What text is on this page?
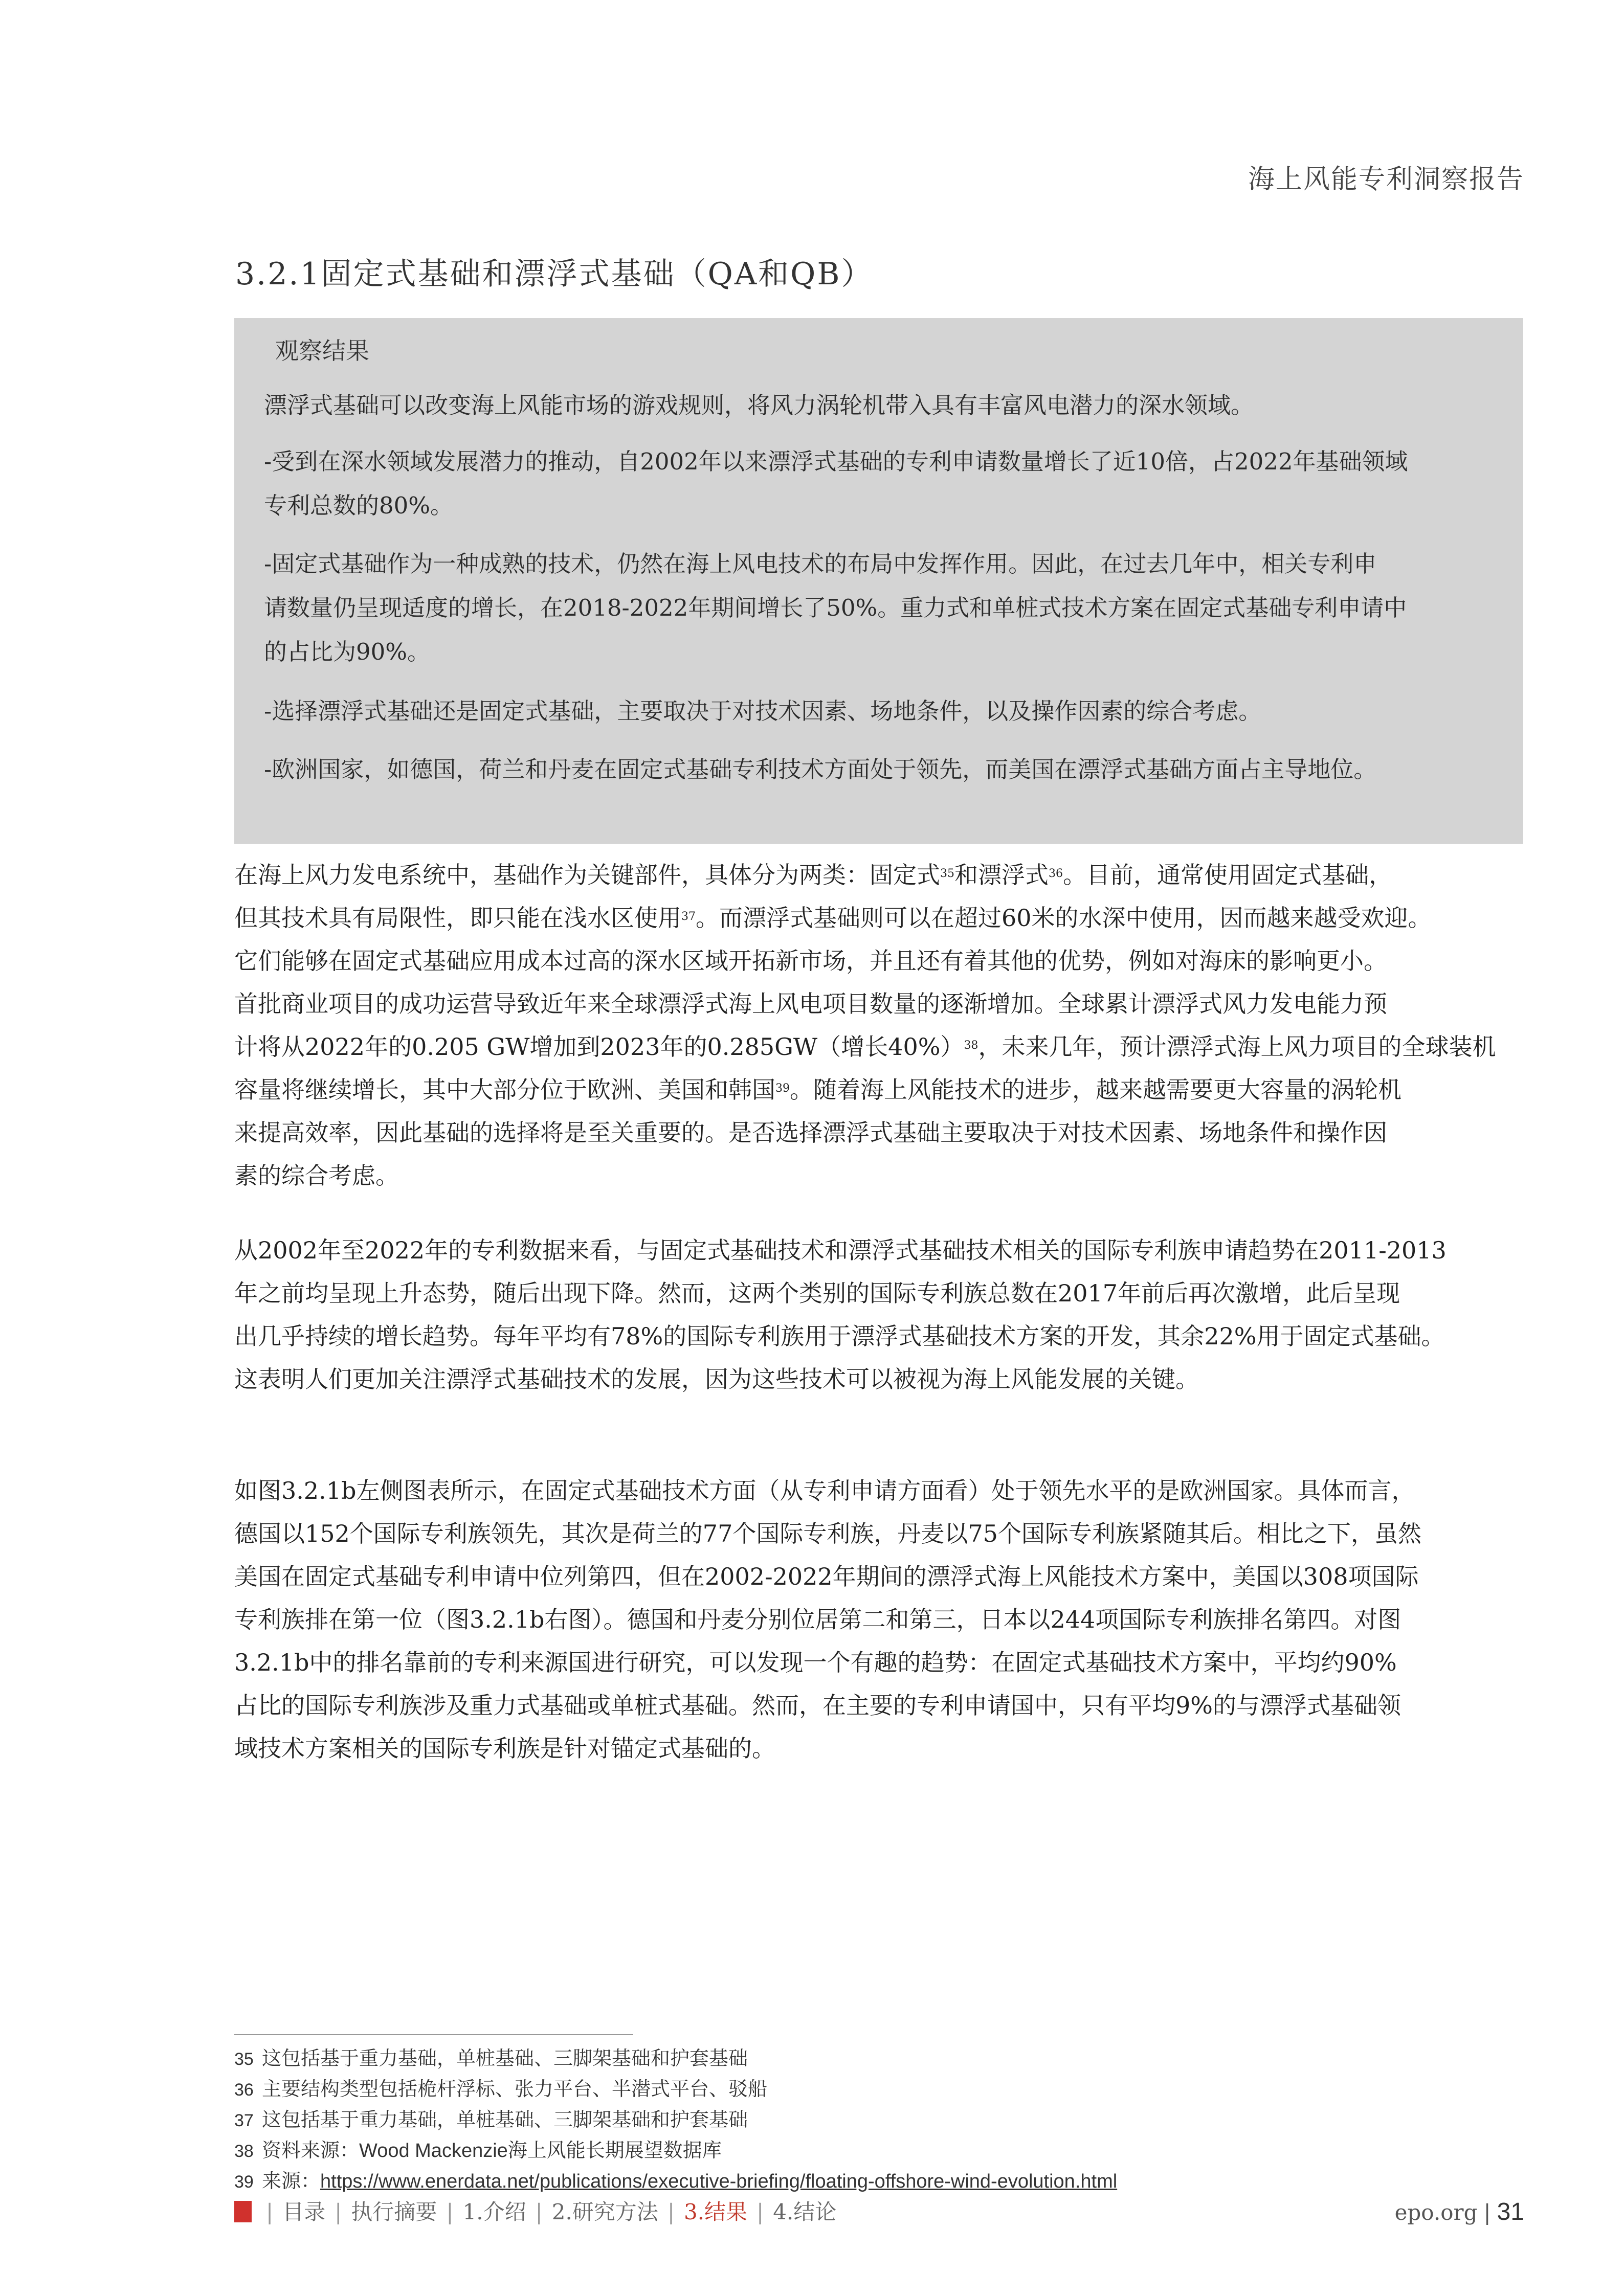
海上风能专利洞察报告
3.2.1固定式基础和漂浮式基础（QA和QB）
观察结果

漂浮式基础可以改变海上风能市场的游戏规则，将风力涡轮机带入具有丰富风电潜力的深水领域。

-受到在深水领域发展潜力的推动，自2002年以来漂浮式基础的专利申请数量增长了近10倍，占2022年基础领域

专利总数的80%。

-固定式基础作为一种成熟的技术，仍然在海上风电技术的布局中发挥作用。因此，在过去几年中，相关专利申

请数量仍呈现适度的增长，在2018-2022年期间增长了50%。重力式和单桩式技术方案在固定式基础专利申请中

的占比为90%。

-选择漂浮式基础还是固定式基础，主要取决于对技术因素、场地条件，以及操作因素的综合考虑。

-欧洲国家，如德国，荷兰和丹麦在固定式基础专利技术方面处于领先，而美国在漂浮式基础方面占主导地位。

在海上风力发电系统中，基础作为关键部件，具体分为两类：固定式$^{35}$和漂浮式$^{36}$。目前，通常使用固定式基础，
但其技术具有局限性，即只能在浅水区使用$^{37}$。而漂浮式基础则可以在超过60米的水深中使用，因而越来越受欢迎。
它们能够在固定式基础应用成本过高的深水区域开拓新市场，并且还有着其他的优势，例如对海床的影响更小。
首批商业项目的成功运营导致近年来全球漂浮式海上风电项目数量的逐渐增加。全球累计漂浮式风力发电能力预
计将从2022年的0.205 GW增加到2023年的0.285GW（增长40%）$^{38}$，未来几年，预计漂浮式海上风力项目的全球装机
容量将继续增长，其中大部分位于欧洲、美国和韩国$^{39}$。随着海上风能技术的进步，越来越需要更大容量的涡轮机
来提高效率，因此基础的选择将是至关重要的。是否选择漂浮式基础主要取决于对技术因素、场地条件和操作因
素的综合考虑。
从2002年至2022年的专利数据来看，与固定式基础技术和漂浮式基础技术相关的国际专利族申请趋势在2011-2013
年之前均呈现上升态势，随后出现下降。然而，这两个类别的国际专利族总数在2017年前后再次激增，此后呈现
出几乎持续的增长趋势。每年平均有78%的国际专利族用于漂浮式基础技术方案的开发，其余22%用于固定式基础。
这表明人们更加关注漂浮式基础技术的发展，因为这些技术可以被视为海上风能发展的关键。
如图3.2.1b左侧图表所示，在固定式基础技术方面（从专利申请方面看）处于领先水平的是欧洲国家。具体而言，
德国以152个国际专利族领先，其次是荷兰的77个国际专利族，丹麦以75个国际专利族紧随其后。相比之下，虽然
美国在固定式基础专利申请中位列第四，但在2002-2022年期间的漂浮式海上风能技术方案中，美国以308项国际
专利族排在第一位（图3.2.1b右图）。德国和丹麦分别位居第二和第三，日本以244项国际专利族排名第四。对图
3.2.1b中的排名靠前的专利来源国进行研究，可以发现一个有趣的趋势：在固定式基础技术方案中，平均约90%
占比的国际专利族涉及重力式基础或单桩式基础。然而，在主要的专利申请国中，只有平均9%的与漂浮式基础领
域技术方案相关的国际专利族是针对锚定式基础的。
35 这包括基于重力基础，单桩基础、三脚架基础和护套基础
36 主要结构类型包括桅杆浮标、张力平台、半潜式平台、驳船
37 这包括基于重力基础，单桩基础、三脚架基础和护套基础
38 资料来源：Wood Mackenzie海上风能长期展望数据库
39 来源：https://www.enerdata.net/publications/executive-briefing/floating-offshore-wind-evolution.html
| 目录 | 执行摘要 | 1.介绍 | 2.研究方法 | 3.结果 | 4.结论	epo.org | 31
